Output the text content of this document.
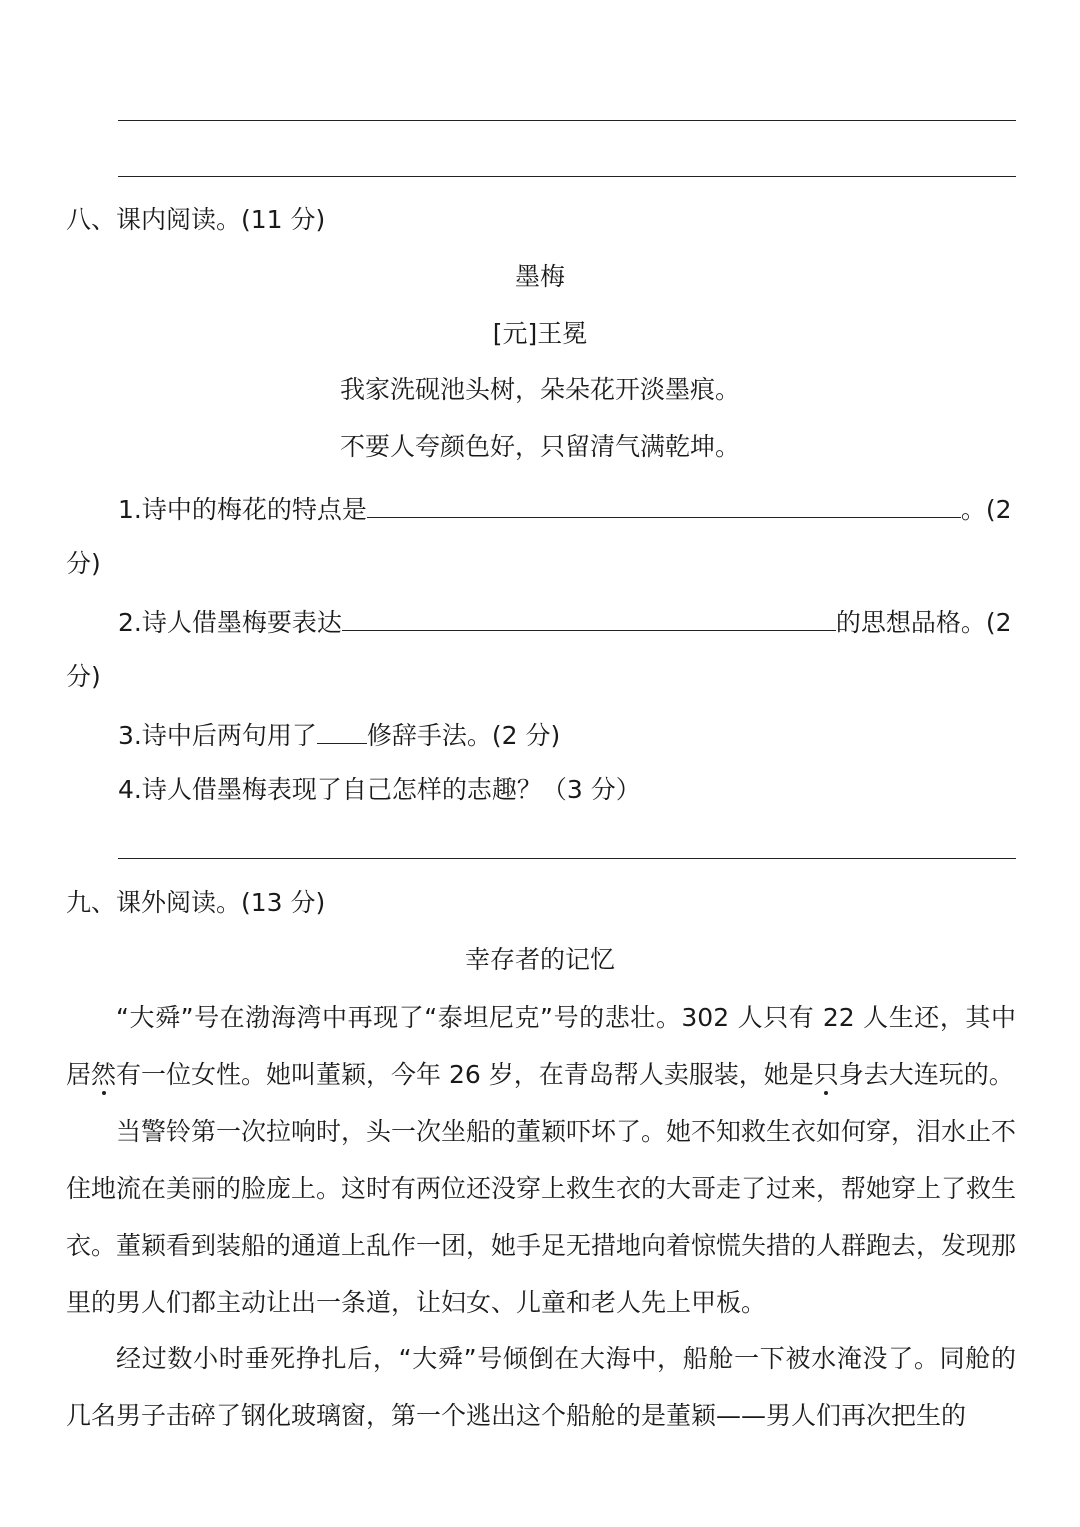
八、课内阅读。(11 分)
墨梅
[元]王冕
我家洗砚池头树，朵朵花开淡墨痕。
不要人夸颜色好，只留清气满乾坤。
1.诗中的梅花的特点是	。(2
分)
2.诗人借墨梅要表达	的思想品格。(2
分)
3.诗中后两句用了 修辞手法。(2 分)
4.诗人借墨梅表现了自己怎样的志趣？（3 分）
九、课外阅读。(13 分)
幸存者的记忆
“大舜”号在渤海湾中再现了“泰坦尼克”号的悲壮。302 人只有 22 人生还，其中居然有一位女性。她叫董颖，今年 26 岁，在青岛帮人卖服装，她是只身去大连玩的。
当警铃第一次拉响时，头一次坐船的董颖吓坏了。她不知救生衣如何穿，泪水止不住地流在美丽的脸庞上。这时有两位还没穿上救生衣的大哥走了过来，帮她穿上了救生衣。董颖看到装船的通道上乱作一团，她手足无措地向着惊慌失措的人群跑去，发现那里的男人们都主动让出一条道，让妇女、儿童和老人先上甲板。
经过数小时垂死挣扎后，“大舜”号倾倒在大海中，船舱一下被水淹没了。同舱的几名男子击碎了钢化玻璃窗，第一个逃出这个船舱的是董颖——男人们再次把生的
